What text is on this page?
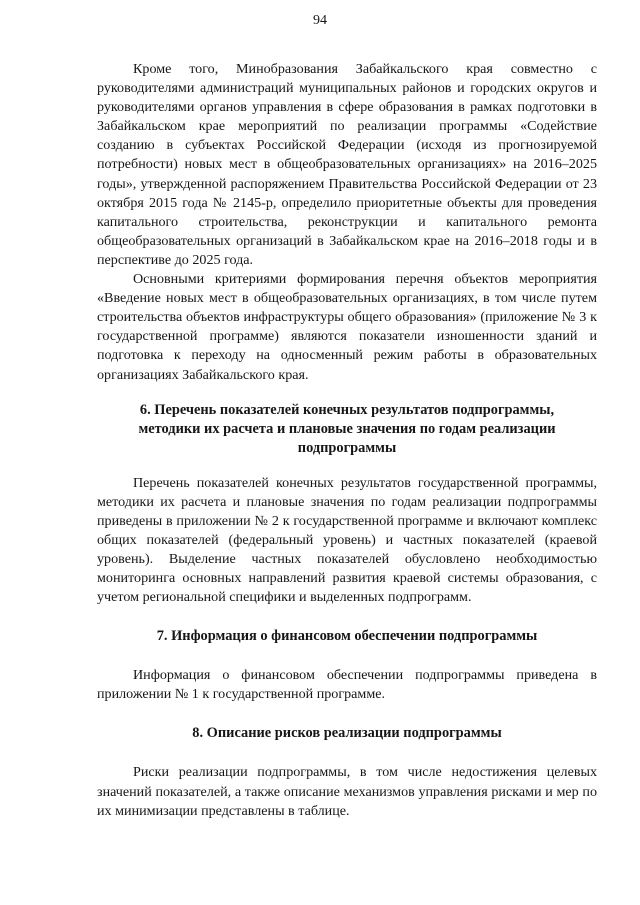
94

Кроме того, Минобразования Забайкальского края совместно с руководителями администраций муниципальных районов и городских округов и руководителями органов управления в сфере образования в рамках подготовки в Забайкальском крае мероприятий по реализации программы «Содействие созданию в субъектах Российской Федерации (исходя из прогнозируемой потребности) новых мест в общеобразовательных организациях» на 2016–2025 годы», утвержденной распоряжением Правительства Российской Федерации от 23 октября 2015 года № 2145-р, определило приоритетные объекты для проведения капитального строительства, реконструкции и капитального ремонта общеобразовательных организаций в Забайкальском крае на 2016–2018 годы и в перспективе до 2025 года.

Основными критериями формирования перечня объектов мероприятия «Введение новых мест в общеобразовательных организациях, в том числе путем строительства объектов инфраструктуры общего образования» (приложение № 3 к государственной программе) являются показатели изношенности зданий и подготовка к переходу на односменный режим работы в образовательных организациях Забайкальского края.

6. Перечень показателей конечных результатов подпрограммы, методики их расчета и плановые значения по годам реализации подпрограммы

Перечень показателей конечных результатов государственной программы, методики их расчета и плановые значения по годам реализации подпрограммы приведены в приложении № 2 к государственной программе и включают комплекс общих показателей (федеральный уровень) и частных показателей (краевой уровень). Выделение частных показателей обусловлено необходимостью мониторинга основных направлений развития краевой системы образования, с учетом региональной специфики и выделенных подпрограмм.

7. Информация о финансовом обеспечении подпрограммы

Информация о финансовом обеспечении подпрограммы приведена в приложении № 1 к государственной программе.

8. Описание рисков реализации подпрограммы

Риски реализации подпрограммы, в том числе недостижения целевых значений показателей, а также описание механизмов управления рисками и мер по их минимизации представлены в таблице.
